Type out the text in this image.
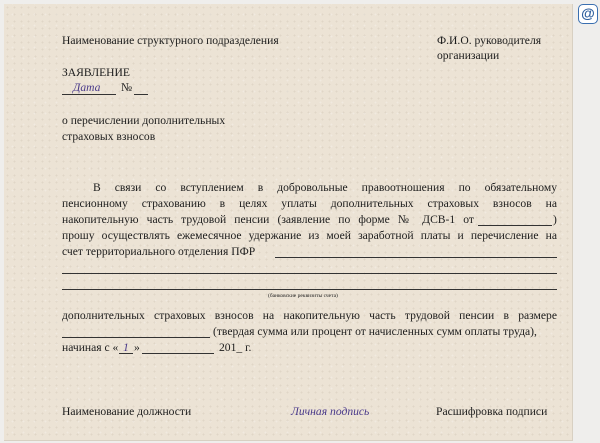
@
Наименование структурного подразделения	Ф.И.О. руководителя
организации
ЗАЯВЛЕНИЕ
Дата №
о перечислении дополнительных
страховых взносов
В связи со вступлением в добровольные правоотношения по обязательному
пенсионному страхованию в целях уплаты дополнительных страховых взносов на
накопительную часть трудовой пенсии (заявление по форме № ДСВ-1 от	)
прошу осуществлять ежемесячное удержание из моей заработной платы и перечисление на
счет территориального отделения ПФР
(банковские реквизиты счета)
дополнительных страховых взносов на накопительную часть трудовой пенсии в размере
(твердая сумма или процент от начисленных сумм оплаты труда),
начиная с « 1 »	201_ г.
Наименование должности	Личная подпись	Расшифровка подписи
